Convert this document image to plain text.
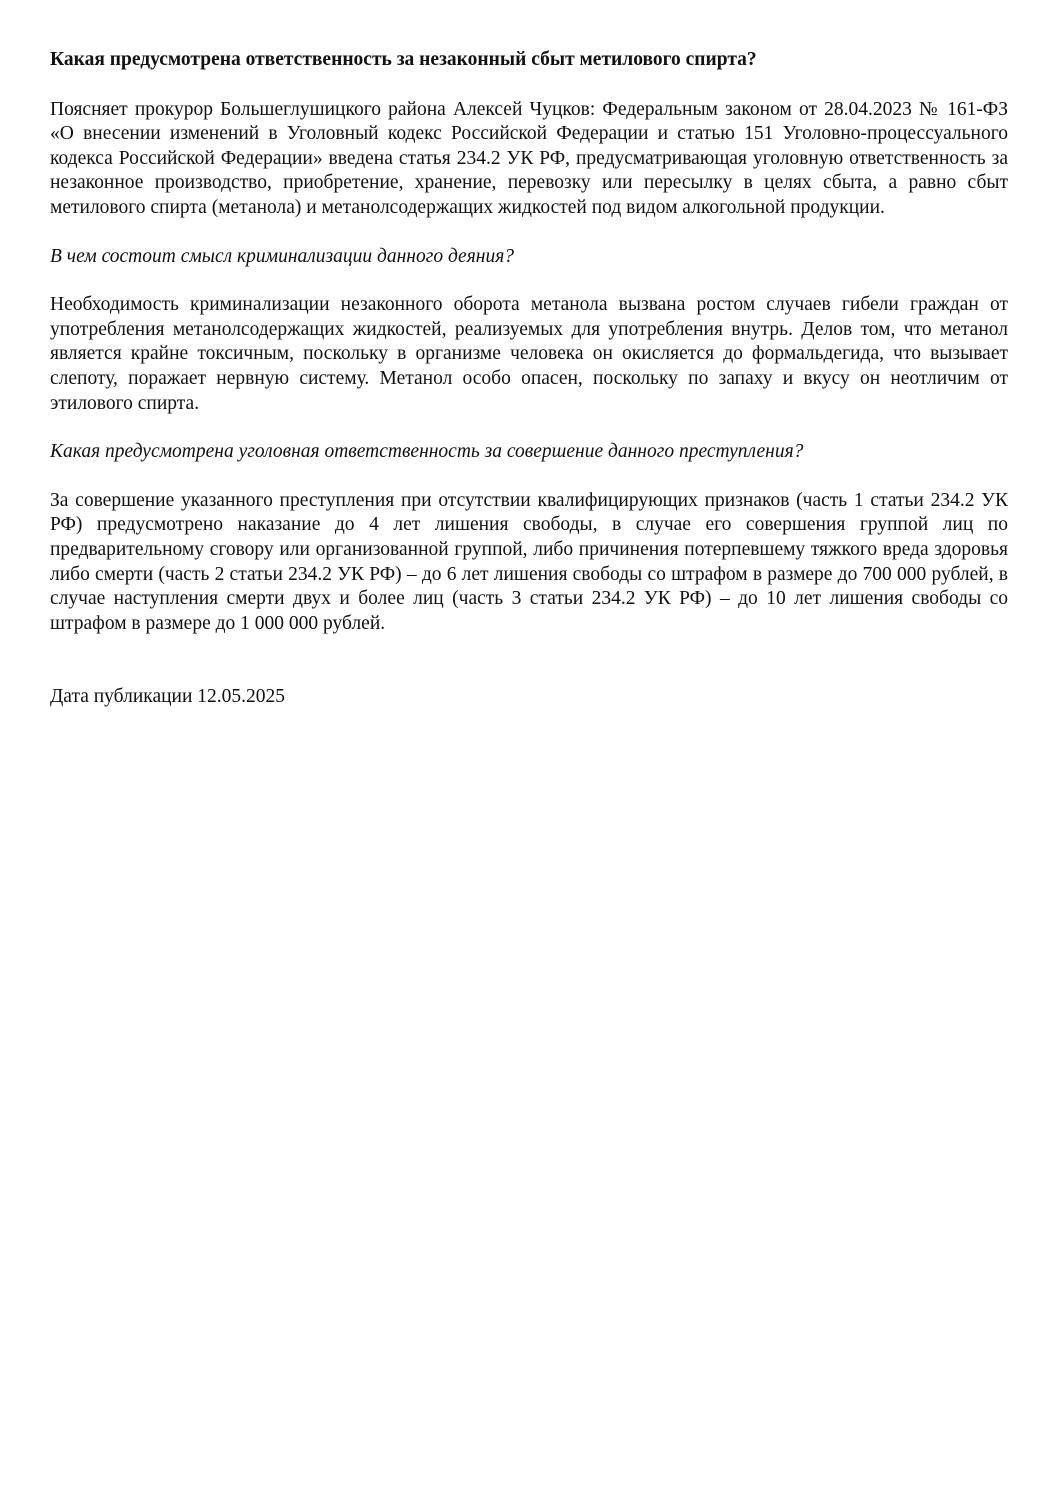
Какая предусмотрена ответственность за незаконный сбыт метилового спирта?
Поясняет прокурор Большеглушицкого района Алексей Чуцков: Федеральным законом от 28.04.2023 № 161-ФЗ «О внесении изменений в Уголовный кодекс Российской Федерации и статью 151 Уголовно-процессуального кодекса Российской Федерации» введена статья 234.2 УК РФ, предусматривающая уголовную ответственность за незаконное производство, приобретение, хранение, перевозку или пересылку в целях сбыта, а равно сбыт метилового спирта (метанола) и метанолсодержащих жидкостей под видом алкогольной продукции.
В чем состоит смысл криминализации данного деяния?
Необходимость криминализации незаконного оборота метанола вызвана ростом случаев гибели граждан от употребления метанолсодержащих жидкостей, реализуемых для употребления внутрь. Делов том, что метанол является крайне токсичным, поскольку в организме человека он окисляется до формальдегида, что вызывает слепоту, поражает нервную систему. Метанол особо опасен, поскольку по запаху и вкусу он неотличим от этилового спирта.
Какая предусмотрена уголовная ответственность за совершение данного преступления?
За совершение указанного преступления при отсутствии квалифицирующих признаков (часть 1 статьи 234.2 УК РФ) предусмотрено наказание до 4 лет лишения свободы, в случае его совершения группой лиц по предварительному сговору или организованной группой, либо причинения потерпевшему тяжкого вреда здоровья либо смерти (часть 2 статьи 234.2 УК РФ) – до 6 лет лишения свободы со штрафом в размере до 700 000 рублей, в случае наступления смерти двух и более лиц (часть 3 статьи 234.2 УК РФ) – до 10 лет лишения свободы со штрафом в размере до 1 000 000 рублей.
Дата публикации 12.05.2025
